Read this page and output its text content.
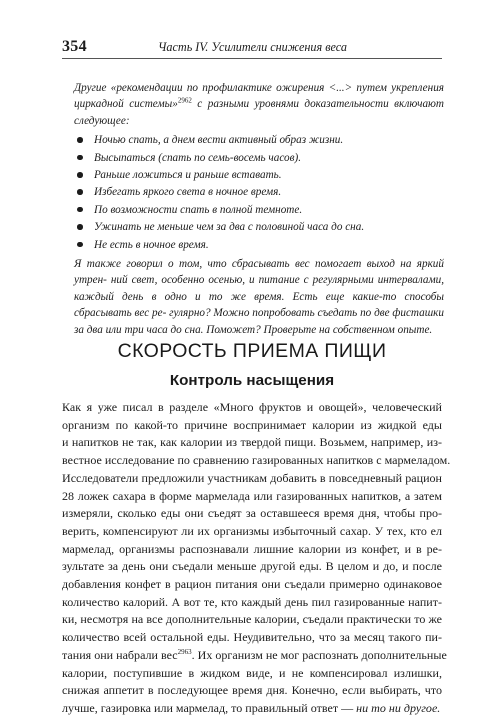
354	Часть IV. Усилители снижения веса

Другие «рекомендации по профилактике ожирения <...> путем укрепления циркадной системы»$^{2962}$ с разными уровнями доказательности включают следующее:

Ночью спать, а днем вести активный образ жизни.
Высыпаться (спать по семь-восемь часов).
Раньше ложиться и раньше вставать.
Избегать яркого света в ночное время.
По возможности спать в полной темноте.
Ужинать не меньше чем за два с половиной часа до сна.
Не есть в ночное время.

Я также говорил о том, что сбрасывать вес помогает выход на яркий утрен- ний свет, особенно осенью, и питание с регулярными интервалами, каждый день в одно и то же время. Есть еще какие-то способы сбрасывать вес ре- гулярно? Можно попробовать съедать по две фисташки за два или три часа до сна. Поможет? Проверьте на собственном опыте.

СКОРОСТЬ ПРИЕМА ПИЩИ
Контроль насыщения
Как я уже писал в разделе «Много фруктов и овощей», человеческий
организм по какой-то причине воспринимает калории из жидкой еды
и напитков не так, как калории из твердой пищи. Возьмем, например, из-
вестное исследование по сравнению газированных напитков с мармеладом.
Исследователи предложили участникам добавить в повседневный рацион
28 ложек сахара в форме мармелада или газированных напитков, а затем
измеряли, сколько еды они съедят за оставшееся время дня, чтобы про-
верить, компенсируют ли их организмы избыточный сахар. У тех, кто ел
мармелад, организмы распознавали лишние калории из конфет, и в ре-
зультате за день они съедали меньше другой еды. В целом и до, и после
добавления конфет в рацион питания они съедали примерно одинаковое
количество калорий. А вот те, кто каждый день пил газированные напит-
ки, несмотря на все дополнительные калории, съедали практически то же
количество всей остальной еды. Неудивительно, что за месяц такого пи-
тания они набрали вес$^{2963}$. Их организм не мог распознать дополнительные
калории, поступившие в жидком виде, и не компенсировал излишки,
снижая аппетит в последующее время дня. Конечно, если выбирать, что
лучше, газировка или мармелад, то правильный ответ — ни то ни другое.
